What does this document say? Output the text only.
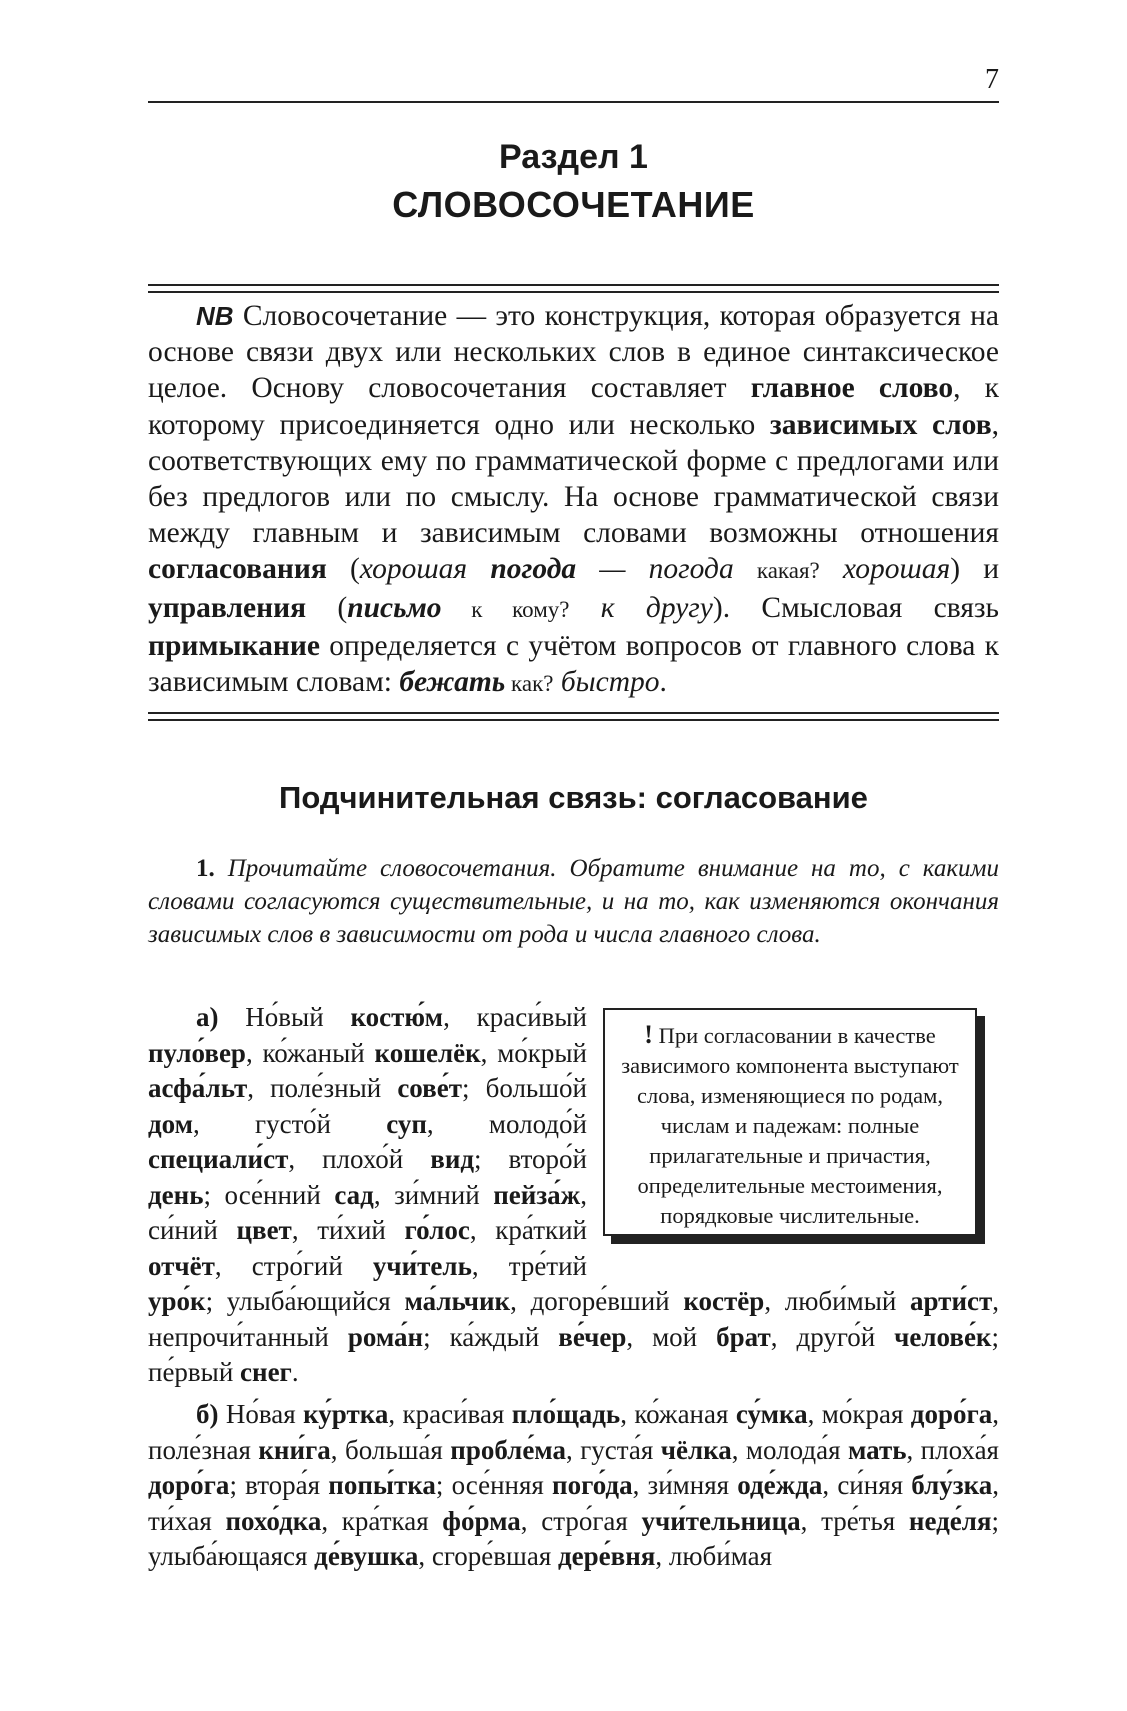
7
Раздел 1
СЛОВОСОЧЕТАНИЕ
NB Словосочетание — это конструкция, которая образуется на основе связи двух или нескольких слов в единое синтаксическое целое. Основу словосочетания составляет главное слово, к которому присоединяется одно или несколько зависимых слов, соответствующих ему по грамматической форме с предлогами или без предлогов или по смыслу. На основе грамматической связи между главным и зависимым словами возможны отношения согласования (хорошая погода — погода какая? хорошая) и управления (письмо к кому? к другу). Смысловая связь примыкание определяется с учётом вопросов от главного слова к зависимым словам: бежать как? быстро.
Подчинительная связь: согласование
1. Прочитайте словосочетания. Обратите внимание на то, с какими словами согласуются существительные, и на то, как изменяются окончания зависимых слов в зависимости от рода и числа главного слова.
! При согласовании в качестве зависимого компонента выступают слова, изменяющиеся по родам, числам и падежам: полные прилагательные и причастия, определительные местоимения, порядковые числительные.
а) Но́вый костю́м, краси́вый пуло́вер, ко́жаный кошелёк, мо́крый асфа́льт, поле́зный сове́т; большо́й дом, густо́й суп, молодо́й специали́ст, плохо́й вид; второ́й день; осе́нний сад, зи́мний пейза́ж, си́ний цвет, ти́хий го́лос, кра́ткий отчёт, стро́гий учи́тель, тре́тий уро́к; улыба́ющийся ма́льчик, догоре́вший костёр, люби́мый арти́ст, непрочи́танный рома́н; ка́ждый ве́чер, мой брат, друго́й челове́к; пе́рвый снег.
б) Но́вая ку́ртка, краси́вая пло́щадь, ко́жаная су́мка, мо́края доро́га, поле́зная кни́га, больша́я пробле́ма, густа́я чёлка, молода́я мать, плоха́я доро́га; втора́я попы́тка; осе́нняя пого́да, зи́мняя оде́жда, си́няя блу́зка, ти́хая похо́дка, кра́ткая фо́рма, стро́гая учи́тельница, тре́тья неде́ля; улыба́ющаяся де́вушка, сгоре́вшая дере́вня, люби́мая
